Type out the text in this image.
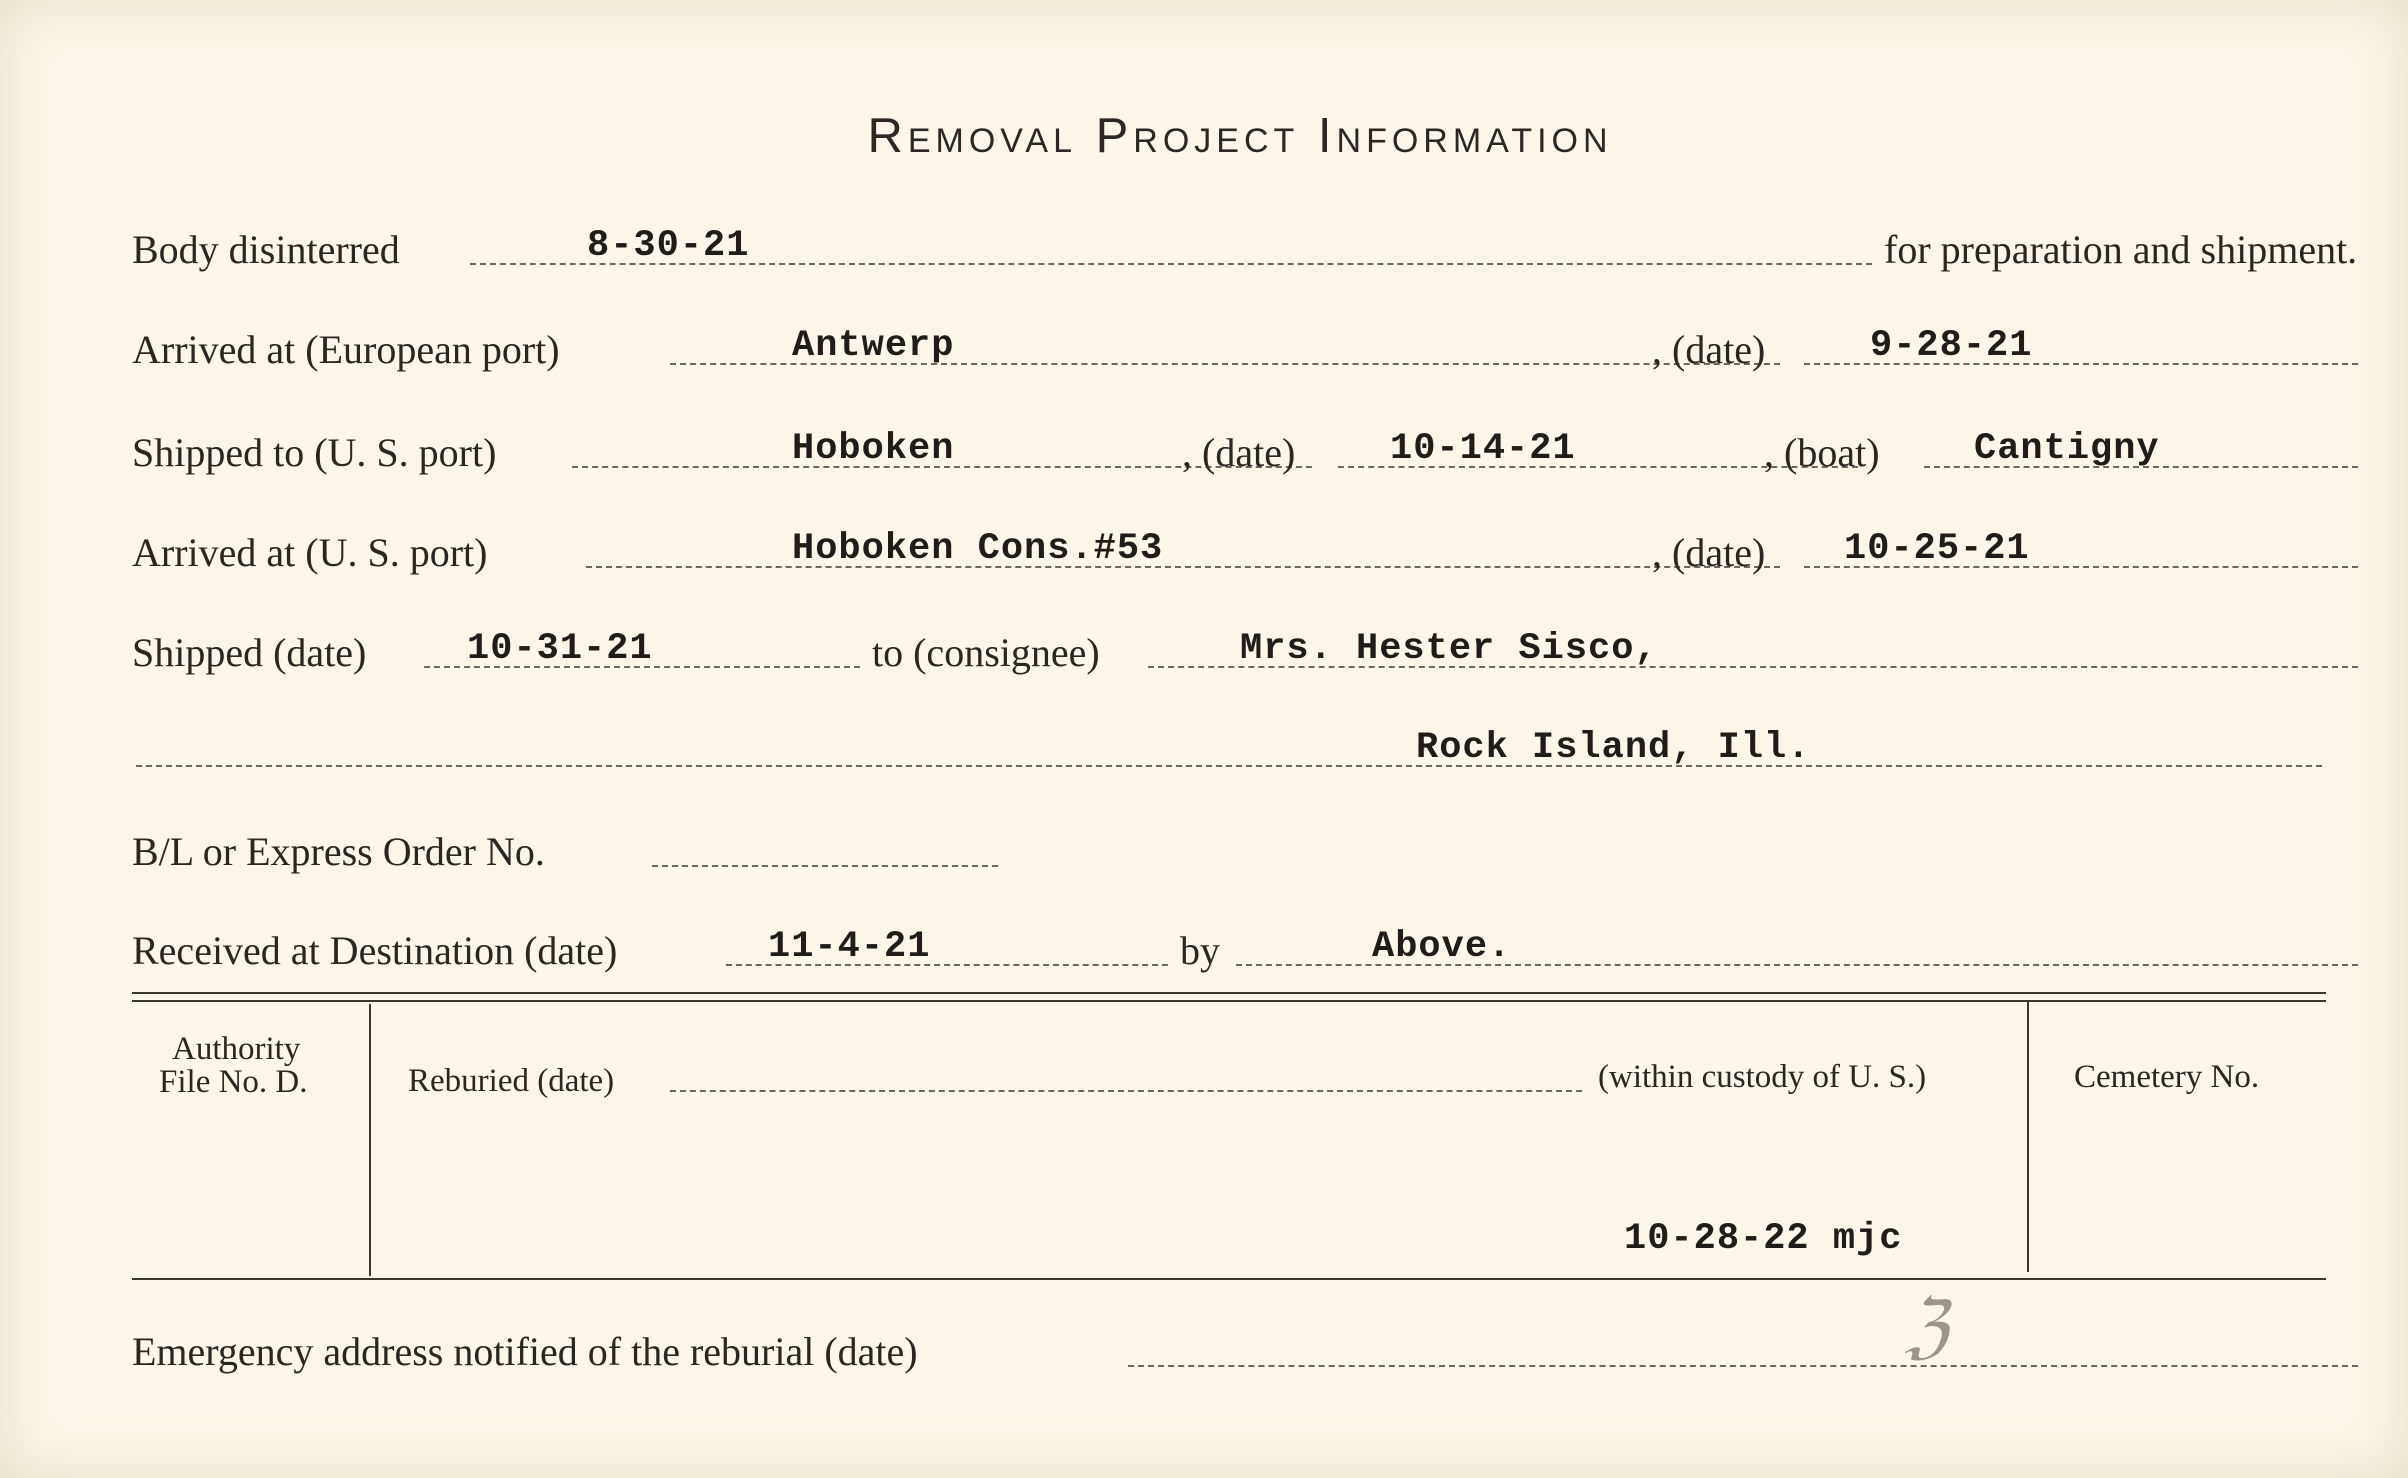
Removal Project Information
Body disinterred	8-30-21	for preparation and shipment.
Arrived at (European port)	Antwerp	, (date)	9-28-21
Shipped to (U. S. port)	Hoboken	, (date)	10-14-21	, (boat)	Cantigny
Arrived at (U. S. port)	Hoboken Cons.#53	, (date) 10-25-21
Shipped (date)	10-31-21	to (consignee)	Mrs. Hester Sisco,
Rock Island, Ill.
B/L or Express Order No.
Received at Destination (date)	11-4-21	by	Above.
Authority
File No. D.	Reburied (date)	(within custody of U. S.)	Cemetery No.
10-28-22 mjc
Emergency address notified of the reburial (date)	ℨ
